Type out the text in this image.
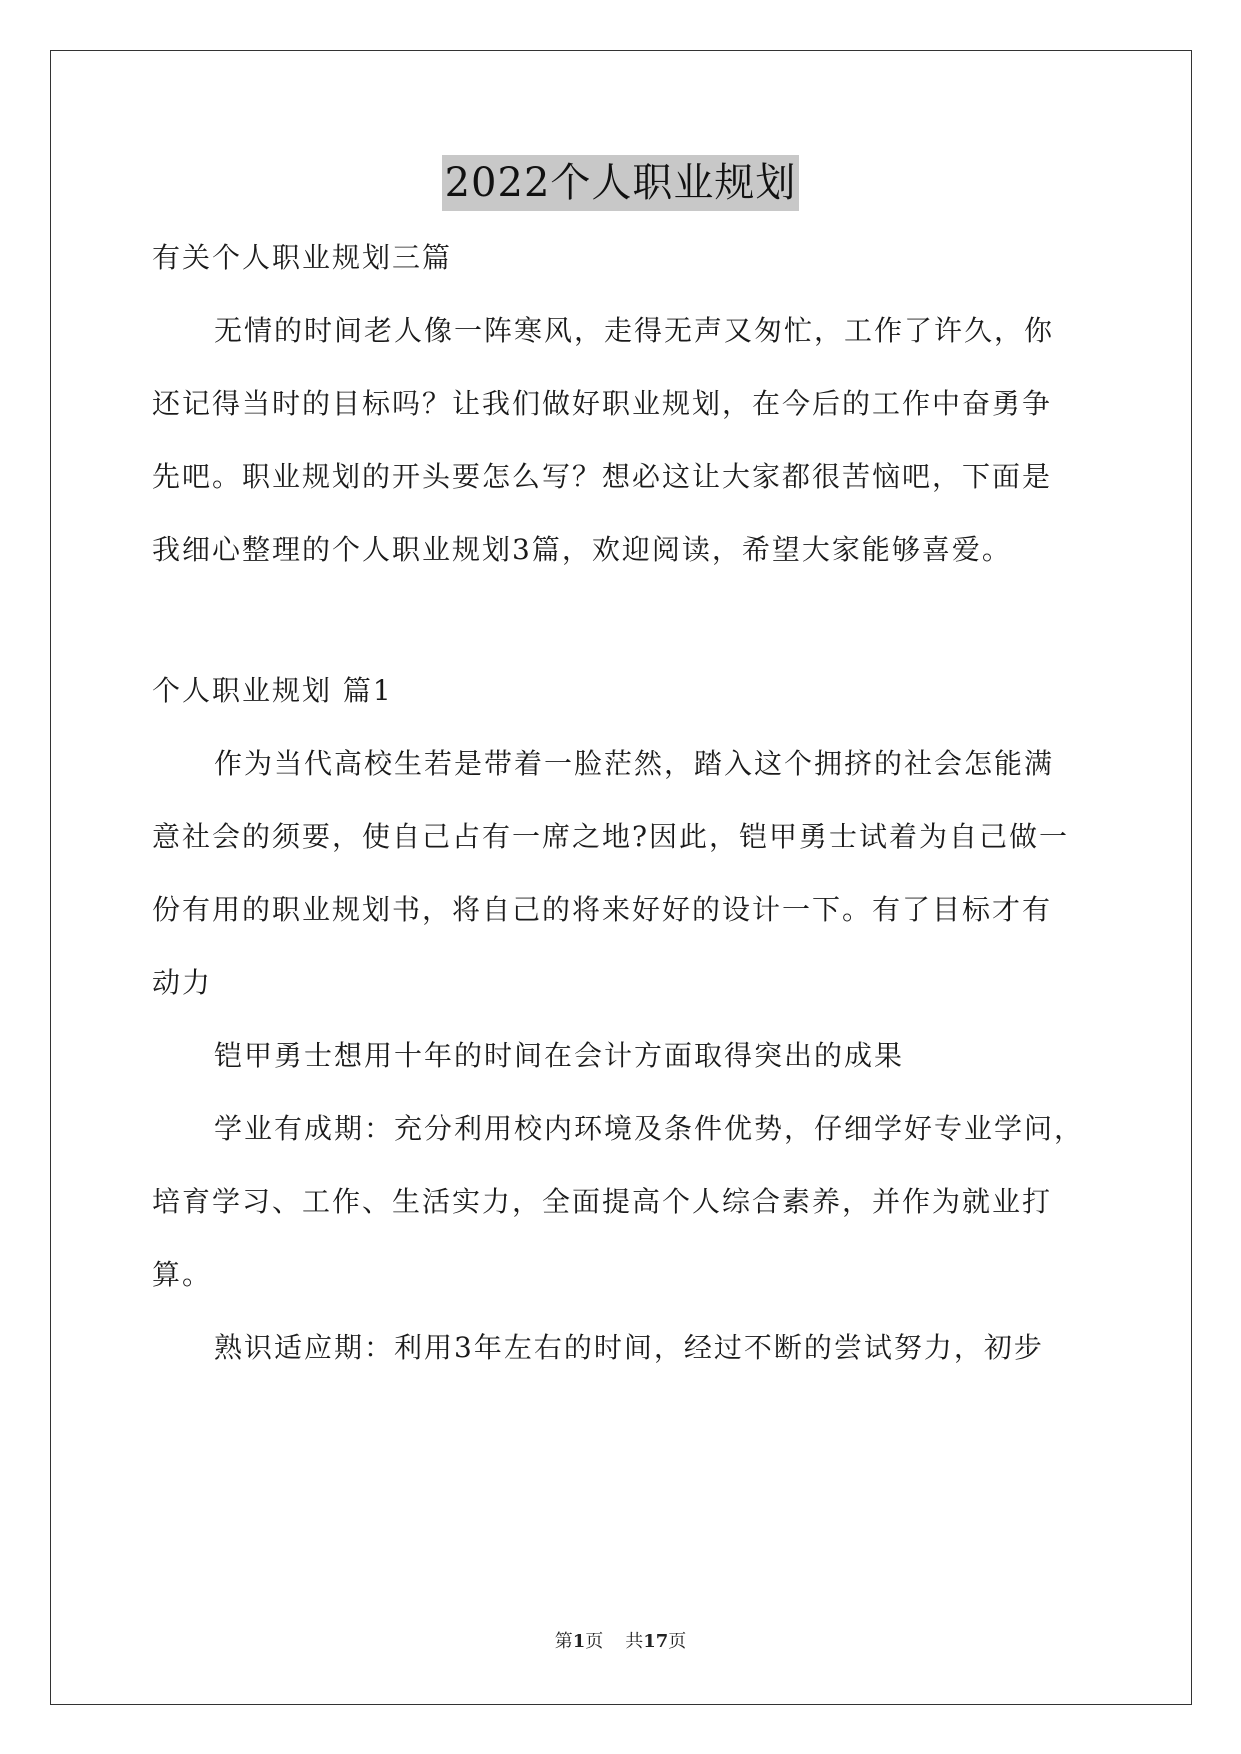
2022个人职业规划
有关个人职业规划三篇
无情的时间老人像一阵寒风，走得无声又匆忙，工作了许久，你
还记得当时的目标吗？让我们做好职业规划，在今后的工作中奋勇争
先吧。职业规划的开头要怎么写？想必这让大家都很苦恼吧，下面是
我细心整理的个人职业规划3篇，欢迎阅读，希望大家能够喜爱。
个人职业规划 篇1
作为当代高校生若是带着一脸茫然，踏入这个拥挤的社会怎能满
意社会的须要，使自己占有一席之地?因此，铠甲勇士试着为自己做一
份有用的职业规划书，将自己的将来好好的设计一下。有了目标才有
动力
铠甲勇士想用十年的时间在会计方面取得突出的成果
学业有成期：充分利用校内环境及条件优势，仔细学好专业学问，
培育学习、工作、生活实力，全面提高个人综合素养，并作为就业打
算。
熟识适应期：利用3年左右的时间，经过不断的尝试努力，初步
第1页 共17页
